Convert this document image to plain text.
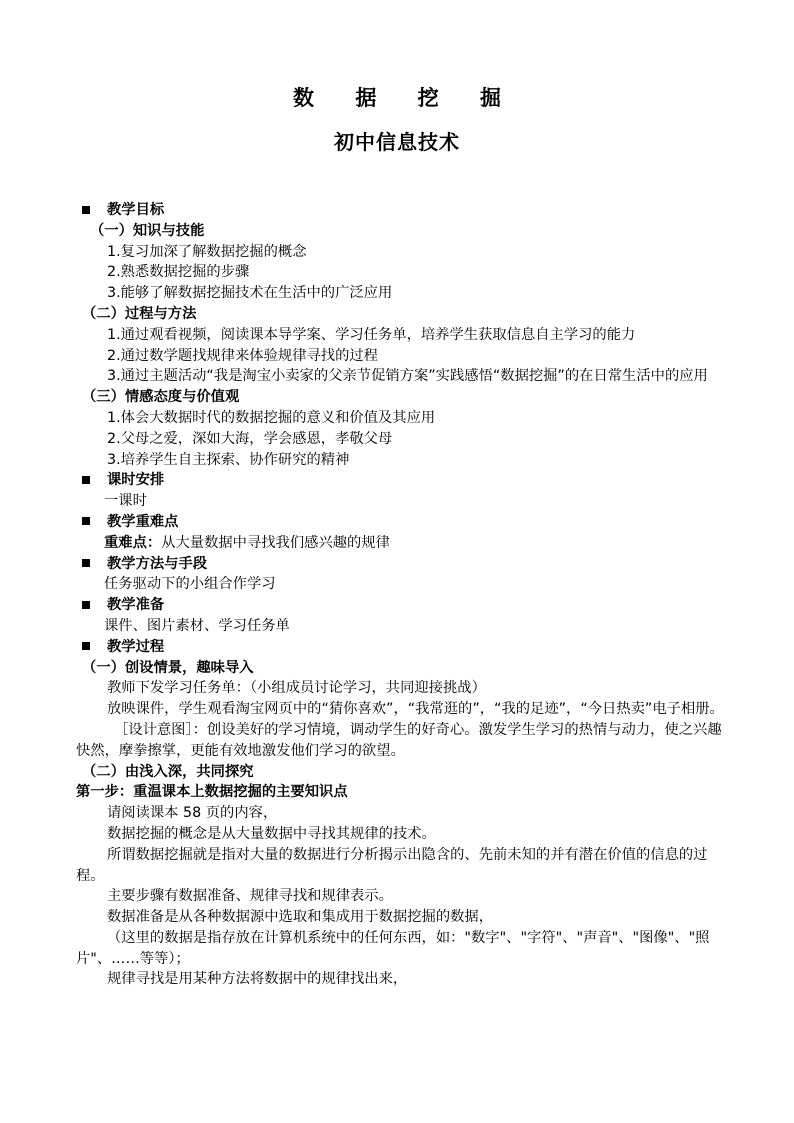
数 据 挖 掘
初中信息技术
教学目标
（一）知识与技能
1.复习加深了解数据挖掘的概念
2.熟悉数据挖掘的步骤
3.能够了解数据挖掘技术在生活中的广泛应用
（二）过程与方法
1.通过观看视频，阅读课本导学案、学习任务单，培养学生获取信息自主学习的能力
2.通过数学题找规律来体验规律寻找的过程
3.通过主题活动“我是淘宝小卖家的父亲节促销方案”实践感悟“数据挖掘”的在日常生活中的应用
（三）情感态度与价值观
1.体会大数据时代的数据挖掘的意义和价值及其应用
2.父母之爱，深如大海，学会感恩，孝敬父母
3.培养学生自主探索、协作研究的精神
课时安排
一课时
教学重难点
重难点：从大量数据中寻找我们感兴趣的规律
教学方法与手段
任务驱动下的小组合作学习
教学准备
课件、图片素材、学习任务单
教学过程
（一）创设情景，趣味导入
教师下发学习任务单：（小组成员讨论学习，共同迎接挑战）
放映课件，学生观看淘宝网页中的“猜你喜欢”，“我常逛的”，“我的足迹”，“今日热卖”电子相册。
［设计意图］：创设美好的学习情境，调动学生的好奇心。激发学生学习的热情与动力，使之兴趣快然，摩拳擦掌，更能有效地激发他们学习的欲望。
（二）由浅入深，共同探究
第一步：重温课本上数据挖掘的主要知识点
请阅读课本 58 页的内容，
数据挖掘的概念是从大量数据中寻找其规律的技术。
所谓数据挖掘就是指对大量的数据进行分析揭示出隐含的、先前未知的并有潜在价值的信息的过程。
主要步骤有数据准备、规律寻找和规律表示。
数据准备是从各种数据源中选取和集成用于数据挖掘的数据，
（这里的数据是指存放在计算机系统中的任何东西，如："数字"、"字符"、"声音"、"图像"、"照片"、……等等）；
规律寻找是用某种方法将数据中的规律找出来，
